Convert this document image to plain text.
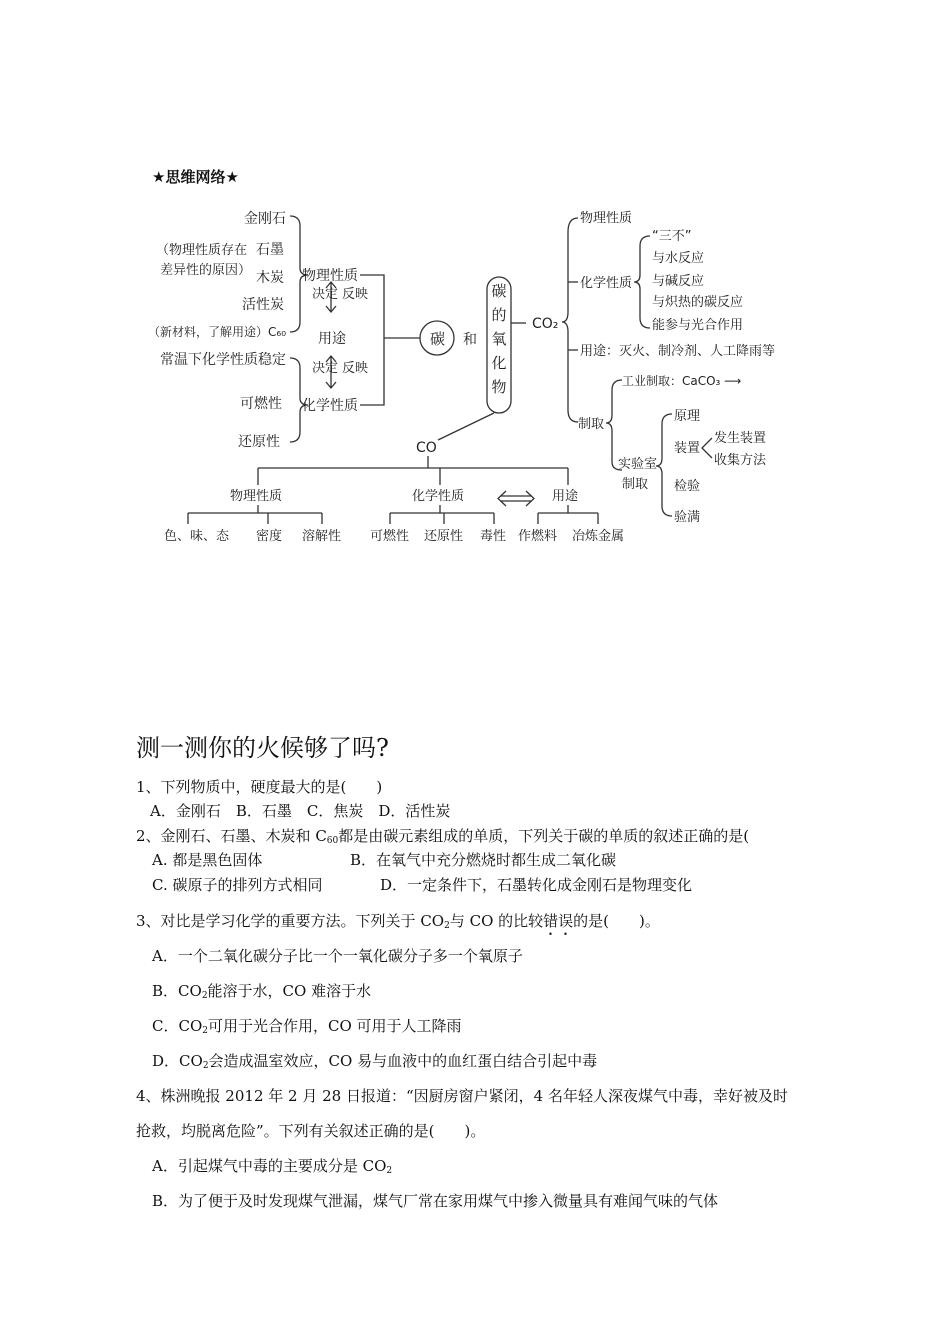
★思维网络★
金刚石
石墨
（物理性质存在
差异性的原因） 木炭
活性炭
（新材料，了解用途）C₆₀
常温下化学性质稳定
可燃性
还原性
物理性质
决定 反映
用途
决定 反映
化学性质
碳 和
CO₂
CO
碳的氧化物
物理性质
化学性质
“三不”
与水反应
与碱反应
与炽热的碳反应
能参与光合作用
用途：灭火、制冷剂、人工降雨等
制取
工业制取：CaCO₃ ⟶
实验室
制取
原理
装置
发生装置
收集方法
检验
验满
物理性质	化学性质	用途
色、味、态 密度 溶解性 可燃性 还原性 毒性 作燃料 冶炼金属
测一测你的火候够了吗?
1、下列物质中，硬度最大的是(　　)
A．金刚石　B．石墨　C．焦炭　D．活性炭
2、金刚石、石墨、木炭和 $C_{60}$都是由碳元素组成的单质，下列关于碳的单质的叙述正确的是(
A. 都是黑色固体	B．在氧气中充分燃烧时都生成二氧化碳
C. 碳原子的排列方式相同	D．一定条件下，石墨转化成金刚石是物理变化
3、对比是学习化学的重要方法。下列关于 $CO_2$与 CO 的比较错误的是(　　)。
A．一个二氧化碳分子比一个一氧化碳分子多一个氧原子
B．$CO_2$能溶于水，CO 难溶于水
C．$CO_2$可用于光合作用，CO 可用于人工降雨
D．$CO_2$会造成温室效应，CO 易与血液中的血红蛋白结合引起中毒
4、株洲晚报 2012 年 2 月 28 日报道：“因厨房窗户紧闭，4 名年轻人深夜煤气中毒，幸好被及时
抢救，均脱离危险”。下列有关叙述正确的是(　　)。
A．引起煤气中毒的主要成分是 $CO_2$
B．为了便于及时发现煤气泄漏，煤气厂常在家用煤气中掺入微量具有难闻气味的气体
